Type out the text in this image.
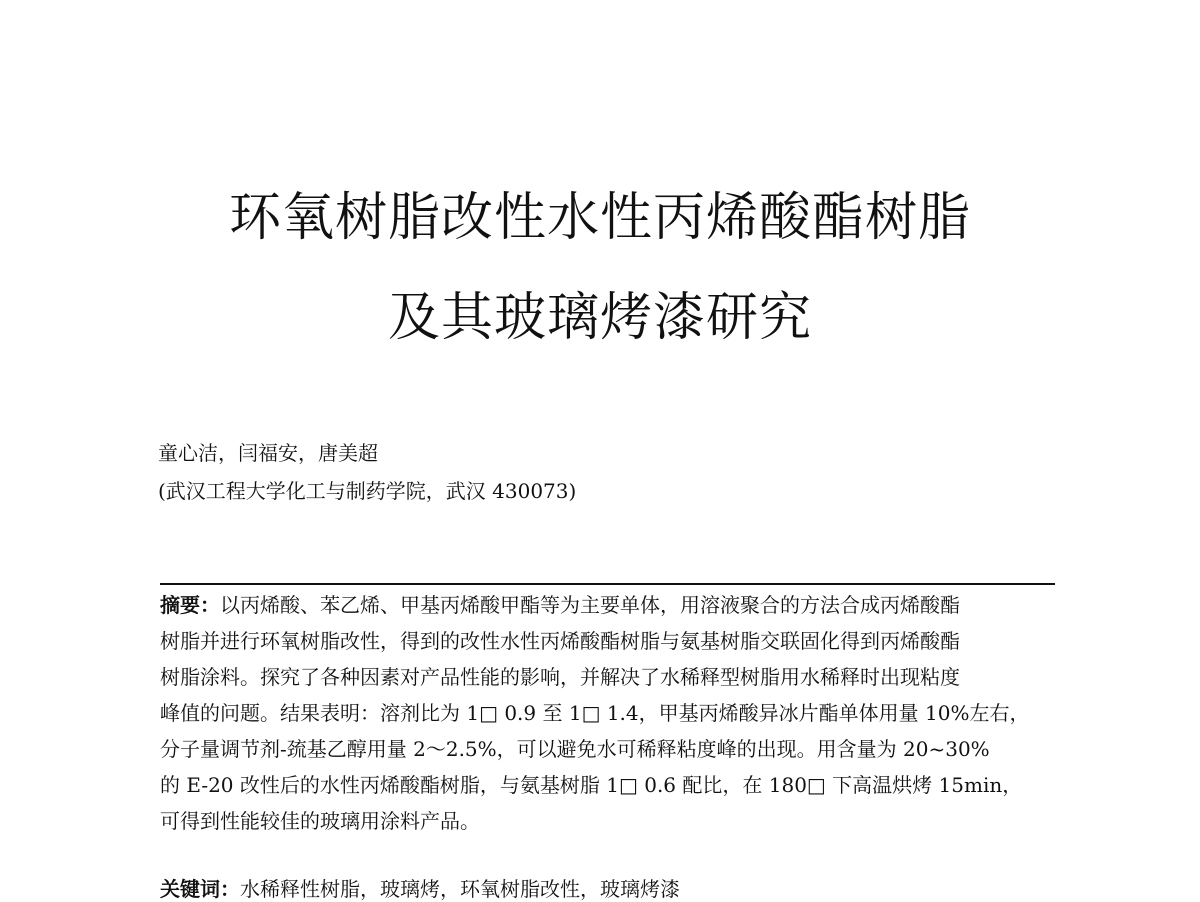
环氧树脂改性水性丙烯酸酯树脂
及其玻璃烤漆研究
童心洁，闫福安，唐美超
(武汉工程大学化工与制药学院，武汉 430073)
摘要：以丙烯酸、苯乙烯、甲基丙烯酸甲酯等为主要单体，用溶液聚合的方法合成丙烯酸酯
树脂并进行环氧树脂改性，得到的改性水性丙烯酸酯树脂与氨基树脂交联固化得到丙烯酸酯
树脂涂料。探究了各种因素对产品性能的影响，并解决了水稀释型树脂用水稀释时出现粘度
峰值的问题。结果表明：溶剂比为 1□ 0.9 至 1□ 1.4，甲基丙烯酸异冰片酯单体用量 10%左右，
分子量调节剂-巯基乙醇用量 2～2.5%，可以避免水可稀释粘度峰的出现。用含量为 20~30%
的 E-20 改性后的水性丙烯酸酯树脂，与氨基树脂 1□ 0.6 配比，在 180□ 下高温烘烤 15min，
可得到性能较佳的玻璃用涂料产品。
关键词：水稀释性树脂，玻璃烤，环氧树脂改性，玻璃烤漆
